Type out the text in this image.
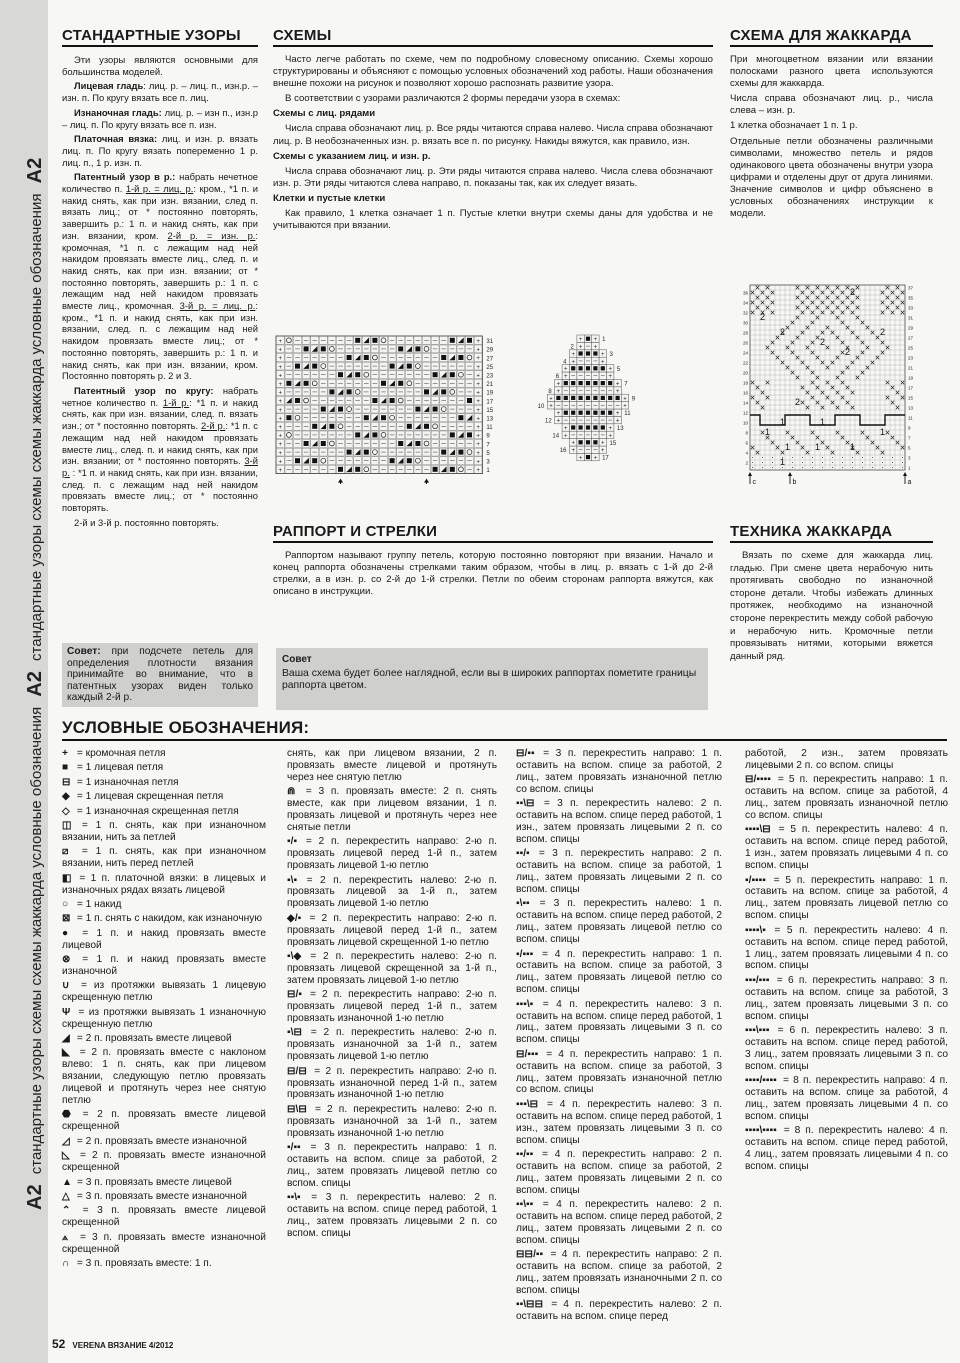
A2 стандартные узоры схемы схемы жаккарда условные обозначения A2 стандартные узоры схемы схемы жаккарда условные обозначения A2
СТАНДАРТНЫЕ УЗОРЫ

Эти узоры являются основными для большинства моделей.

Лицевая гладь: лиц. р. – лиц. п., изн.р. – изн. п. По кругу вязать все п. лиц.

Изнаночная гладь: лиц. р. – изн п., изн.р – лиц. п. По кругу вязать все п. изн.

Платочная вязка: лиц. и изн. р. вязать лиц. п. По кругу вязать попеременно 1 р. лиц. п., 1 р. изн. п.

Патентный узор в р.: набрать нечетное количество п. 1-й р. = лиц. р.: кром., *1 п. и накид снять, как при изн. вязании, след п. вязать лиц.; от * постоянно повторять, завершить р.: 1 п. и накид снять, как при изн. вязании, кром. 2-й р. = изн. р.: кромочная, *1 п. с лежащим над ней накидом провязать вместе лиц., след. п. и накид снять, как при изн. вязании; от * постоянно повторять, завершить р.: 1 п. с лежащим над ней накидом провязать вместе лиц., кромочная. 3-й р. = лиц. р.: кром., *1 п. и накид снять, как при изн. вязании, след. п. с лежащим над ней накидом провязать вместе лиц.; от * постоянно повторять, завершить р.: 1 п. и накид снять, как при изн. вязании, кром. Постоянно повторять р. 2 и 3.

Патентный узор по кругу: набрать четное количество п. 1-й р.: *1 п. и накид снять, как при изн. вязании, след. п. вязать изн.; от * постоянно повторять. 2-й р.: *1 п. с лежащим над ней накидом провязать вместе лиц., след. п. и накид снять, как при изн. вязании; от * постоянно повторять. 3-й р. : *1 п. и накид снять, как при изн. вязании, след. п. с лежащим над ней накидом провязать вместе лиц.; от * постоянно повторять.

2-й и 3-й р. постоянно повторять.

Совет: при подсчете петель для определения плотности вязания принимайте во внимание, что в патентных узорах виден только каждый 2-й р.

СХЕМЫ

Часто легче работать по схеме, чем по подробному словесному описанию. Схемы хорошо структурированы и объясняют с помощью условных обозначений ход работы. Наши обозначения внешне похожи на рисунок и позволяют хорошо распознать развитие узора.

В соответствии с узорами различаются 2 формы передачи узора в схемах:

Схемы с лиц. рядами

Числа справа обозначают лиц. р. Все ряды читаются справа налево. Числа справа обозначают лиц. р. В необозначенных изн. р. вязать все п. по рисунку. Накиды вяжутся, как правило, изн.

Схемы с указанием лиц. и изн. р.

Числа справа обозначают лиц. р. Эти ряды читаются справа налево. Числа слева обозначают изн. р. Эти ряды читаются слева направо, п. показаны так, как их следует вязать.

Клетки и пустые клетки

Как правило, 1 клетка означает 1 п. Пустые клетки внутри схемы даны для удобства и не учитываются при вязании.

+	+
+	+
+	+
+	+
+	+
+	+
+	+
+	+
+	+
+	+
+	+
+	+
+	+
+	+
+	+
+	+
31
29
27
25
23
21
19
17
15
13
11
9
7
5
3
1
+ + 17
+	+
16
+	+ 15
+	+
14
+	+ 13
+	+
12
+	+ 11
+	+
10
+	+ 9
+	+
8
+	+ 7
+	+
6
+	+ 5
+	+
4
+	+ 3
+ +
2
+ + 1
2
2	2
2
2
2
2
1	1
1	1
1	1	1
1
37
35
33
31
29
27
25
23
21
19
17
15
13
11
9
7
5
3
1
36
34
32
30
28
26
24
22
20
18
16
14
12
10
8
6
4
2
c	b	a
СХЕМА ДЛЯ ЖАККАРДА

При многоцветном вязании или вязании полосками разного цвета используются схемы для жаккарда.

Числа справа обозначают лиц. р., числа слева – изн. р.

1 клетка обозначает 1 п. 1 р.

Отдельные петли обозначены различными символами, множество петель и рядов одинакового цвета обозначены внутри узора цифрами и отделены друг от друга линиями. Значение символов и цифр объяснено в условных обозначениях инструкции к модели.

РАППОРТ И СТРЕЛКИ

Раппортом называют группу петель, которую постоянно повторяют при вязании. Начало и конец раппорта обозначены стрелками таким образом, чтобы в лиц. р. вязать с 1-й до 2-й стрелки, а в изн. р. со 2-й до 1-й стрелки. Петли по обеим сторонам раппорта вяжутся, как описано в инструкции.

Совет
Ваша схема будет более наглядной, если вы в широких раппортах пометите границы раппорта цветом.
ТЕХНИКА ЖАККАРДА

Вязать по схеме для жаккарда лиц. гладью. При смене цвета нерабочую нить протягивать свободно по изнаночной стороне детали. Чтобы избежать длинных протяжек, необходимо на изнаночной стороне перекрестить между собой рабочую и нерабочую нить. Кромочные петли провязывать нитями, которыми вяжется данный ряд.

УСЛОВНЫЕ ОБОЗНАЧЕНИЯ:
+ = кромочная петля
■ = 1 лицевая петля
⊟ = 1 изнаночная петля
◆ = 1 лицевая скрещенная петля
◇ = 1 изнаночная скрещенная петля
◫ = 1 п. снять, как при изнаночном вязании, нить за петлей
⧄ = 1 п. снять, как при изнаночном вязании, нить перед петлей
◧ = 1 п. платочной вязки: в лицевых и изнаночных рядах вязать лицевой
○ = 1 накид
⊠ = 1 п. снять с накидом, как изнаночную
● = 1 п. и накид провязать вместе лицевой
⊗ = 1 п. и накид провязать вместе изнаночной
∪ = из протяжки вывязать 1 лицевую скрещенную петлю
Ψ = из протяжки вывязать 1 изнаночную скрещенную петлю
◢ = 2 п. провязать вместе лицевой
◣ = 2 п. провязать вместе с наклоном влево: 1 п. снять, как при лицевом вязании, следующую петлю провязать лицевой и протянуть через нее снятую петлю
⬣ = 2 п. провязать вместе лицевой скрещенной
◿ = 2 п. провязать вместе изнаночной
◺ = 2 п. провязать вместе изнаночной скрещенной
▲ = 3 п. провязать вместе лицевой
△ = 3 п. провязать вместе изнаночной
⌃ = 3 п. провязать вместе лицевой скрещенной
⟑ = 3 п. провязать вместе изнаночной скрещенной
∩ = 3 п. провязать вместе: 1 п.
снять, как при лицевом вязании, 2 п. провязать вместе лицевой и протянуть через нее снятую петлю
⋒ = 3 п. провязать вместе: 2 п. снять вместе, как при лицевом вязании, 1 п. провязать лицевой и протянуть через нее снятые петли
▪/▪ = 2 п. перекрестить направо: 2-ю п. провязать лицевой перед 1-й п., затем провязать лицевой 1-ю петлю
▪\▪ = 2 п. перекрестить налево: 2-ю п. провязать лицевой за 1-й п., затем провязать лицевой 1-ю петлю
◆/▪ = 2 п. перекрестить направо: 2-ю п. провязать лицевой перед 1-й п., затем провязать лицевой скрещенной 1-ю петлю
▪\◆ = 2 п. перекрестить налево: 2-ю п. провязать лицевой скрещенной за 1-й п., затем провязать лицевой 1-ю петлю
⊟/▪ = 2 п. перекрестить направо: 2-ю п. провязать лицевой перед 1-й п., затем провязать изнаночной 1-ю петлю
▪\⊟ = 2 п. перекрестить налево: 2-ю п. провязать изнаночной за 1-й п., затем провязать лицевой 1-ю петлю
⊟/⊟ = 2 п. перекрестить направо: 2-ю п. провязать изнаночной перед 1-й п., затем провязать изнаночной 1-ю петлю
⊟\⊟ = 2 п. перекрестить налево: 2-ю п. провязать изнаночной за 1-й п., затем провязать изнаночной 1-ю петлю
▪/▪▪ = 3 п. перекрестить направо: 1 п. оставить на вспом. спице за работой, 2 лиц., затем провязать лицевой петлю со вспом. спицы
▪▪\▪ = 3 п. перекрестить налево: 2 п. оставить на вспом. спице перед работой, 1 лиц., затем провязать лицевыми 2 п. со вспом. спицы
⊟/▪▪ = 3 п. перекрестить направо: 1 п. оставить на вспом. спице за работой, 2 лиц., затем провязать изнаночной петлю со вспом. спицы
▪▪\⊟ = 3 п. перекрестить налево: 2 п. оставить на вспом. спице перед работой, 1 изн., затем провязать лицевыми 2 п. со вспом. спицы
▪▪/▪ = 3 п. перекрестить направо: 2 п. оставить на вспом. спице за работой, 1 лиц., затем провязать лицевыми 2 п. со вспом. спицы
▪\▪▪ = 3 п. перекрестить налево: 1 п. оставить на вспом. спице перед работой, 2 лиц., затем провязать лицевой петлю со вспом. спицы
▪/▪▪▪ = 4 п. перекрестить направо: 1 п. оставить на вспом. спице за работой, 3 лиц., затем провязать лицевой петлю со вспом. спицы
▪▪▪\▪ = 4 п. перекрестить налево: 3 п. оставить на вспом. спице перед работой, 1 лиц., затем провязать лицевыми 3 п. со вспом. спицы
⊟/▪▪▪ = 4 п. перекрестить направо: 1 п. оставить на вспом. спице за работой, 3 лиц., затем провязать изнаночной петлю со вспом. спицы
▪▪▪\⊟ = 4 п. перекрестить налево: 3 п. оставить на вспом. спице перед работой, 1 изн., затем провязать лицевыми 3 п. со вспом. спицы
▪▪/▪▪ = 4 п. перекрестить направо: 2 п. оставить на вспом. спице за работой, 2 лиц., затем провязать лицевыми 2 п. со вспом. спицы
▪▪\▪▪ = 4 п. перекрестить налево: 2 п. оставить на вспом. спице перед работой, 2 лиц., затем провязать лицевыми 2 п. со вспом. спицы
⊟⊟/▪▪ = 4 п. перекрестить направо: 2 п. оставить на вспом. спице за работой, 2 лиц., затем провязать изнаночными 2 п. со вспом. спицы
▪▪\⊟⊟ = 4 п. перекрестить налево: 2 п. оставить на вспом. спице перед
работой, 2 изн., затем провязать лицевыми 2 п. со вспом. спицы
⊟/▪▪▪▪ = 5 п. перекрестить направо: 1 п. оставить на вспом. спице за работой, 4 лиц., затем провязать изнаночной петлю со вспом. спицы
▪▪▪▪\⊟ = 5 п. перекрестить налево: 4 п. оставить на вспом. спице перед работой, 1 изн., затем провязать лицевыми 4 п. со вспом. спицы
▪/▪▪▪▪ = 5 п. перекрестить направо: 1 п. оставить на вспом. спице за работой, 4 лиц., затем провязать лицевой петлю со вспом. спицы
▪▪▪▪\▪ = 5 п. перекрестить налево: 4 п. оставить на вспом. спице перед работой, 1 лиц., затем провязать лицевыми 4 п. со вспом. спицы
▪▪▪/▪▪▪ = 6 п. перекрестить направо: 3 п. оставить на вспом. спице за работой, 3 лиц., затем провязать лицевыми 3 п. со вспом. спицы
▪▪▪\▪▪▪ = 6 п. перекрестить налево: 3 п. оставить на вспом. спице перед работой, 3 лиц., затем провязать лицевыми 3 п. со вспом. спицы
▪▪▪▪/▪▪▪▪ = 8 п. перекрестить направо: 4 п. оставить на вспом. спице за работой, 4 лиц., затем провязать лицевыми 4 п. со вспом. спицы
▪▪▪▪\▪▪▪▪ = 8 п. перекрестить налево: 4 п. оставить на вспом. спице перед работой, 4 лиц., затем провязать лицевыми 4 п. со вспом. спицы
52 VERENA ВЯЗАНИЕ 4/2012
